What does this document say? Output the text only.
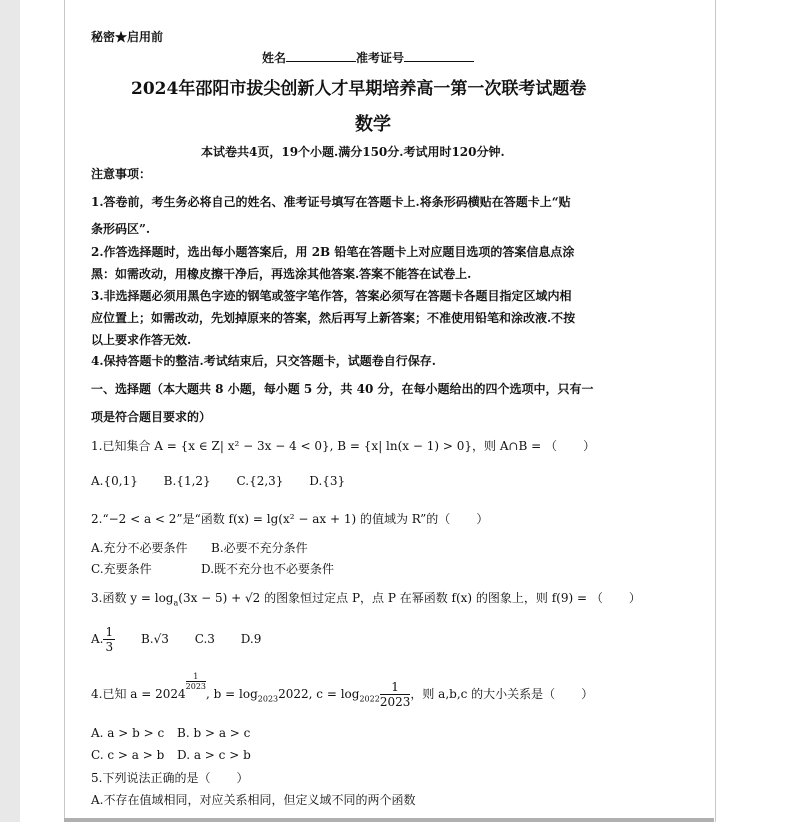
秘密★启用前
姓名	准考证号
2024年邵阳市拔尖创新人才早期培养高一第一次联考试题卷
数学
本试卷共4页，19个小题.满分150分.考试用时120分钟.
注意事项：
1.答卷前，考生务必将自己的姓名、准考证号填写在答题卡上.将条形码横贴在答题卡上“贴
条形码区”.
2.作答选择题时，选出每小题答案后，用 2B 铅笔在答题卡上对应题目选项的答案信息点涂
黑：如需改动，用橡皮擦干净后，再选涂其他答案.答案不能答在试卷上.
3.非选择题必须用黑色字迹的钢笔或签字笔作答，答案必须写在答题卡各题目指定区域内相
应位置上；如需改动，先划掉原来的答案，然后再写上新答案；不准使用铅笔和涂改液.不按
以上要求作答无效.
4.保持答题卡的整洁.考试结束后，只交答题卡，试题卷自行保存.
一、选择题（本大题共 8 小题，每小题 5 分，共 40 分，在每小题给出的四个选项中，只有一
项是符合题目要求的）
1.已知集合 A = {x ∈ Z| x² − 3x − 4 < 0}, B = {x| ln(x − 1) > 0}，则 A∩B = （ ）
A.{0,1} B.{1,2} C.{2,3} D.{3}
2.“−2 < a < 2”是“函数 f(x) = lg(x² − ax + 1) 的值域为 R”的（ ）
A.充分不必要条件 B.必要不充分条件
C.充要条件	D.既不充分也不必要条件
3.函数 $y = \log_a(3x - 5) + √2$ 的图象恒过定点 P，点 P 在幂函数 f(x) 的图象上，则 f(9) = （ ）
A. $\frac{1}{3} B.√3$ C.3 D.9
4.已知 a = 2024
$\frac{1}{2023}$
, $b = \log_{2023}2022$, $c = \log_{2022} \frac{1}{2023}$ ，则 a,b,c 的大小关系是（ ）
A. a > b > c B. b > a > c
C. c > a > b D. a > c > b
5.下列说法正确的是（ ）
A.不存在值域相同，对应关系相同，但定义域不同的两个函数
